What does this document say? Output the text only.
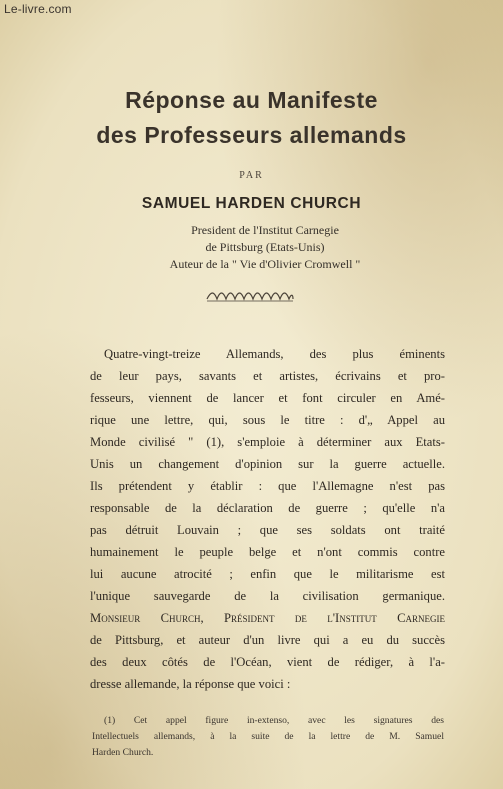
Le-livre.com
Réponse au Manifeste
des Professeurs allemands
PAR
SAMUEL HARDEN CHURCH
President de l'Institut Carnegie
de Pittsburg (Etats-Unis)
Auteur de la " Vie d'Olivier Cromwell "
Quatre-vingt-treize Allemands, des plus éminents
de leur pays, savants et artistes, écrivains et pro-
fesseurs, viennent de lancer et font circuler en Amé-
rique une lettre, qui, sous le titre : d'„ Appel au
Monde civilisé " (1), s'emploie à déterminer aux Etats-
Unis un changement d'opinion sur la guerre actuelle.
Ils prétendent y établir : que l'Allemagne n'est pas
responsable de la déclaration de guerre ; qu'elle n'a
pas détruit Louvain ; que ses soldats ont traité
humainement le peuple belge et n'ont commis contre
lui aucune atrocité ; enfin que le militarisme est
l'unique sauvegarde de la civilisation germanique.
Monsieur Church, Président de l'Institut Carnegie
de Pittsburg, et auteur d'un livre qui a eu du succès
des deux côtés de l'Océan, vient de rédiger, à l'a-
dresse allemande, la réponse que voici :
(1) Cet appel figure in-extenso, avec les signatures des
Intellectuels allemands, à la suite de la lettre de M. Samuel
Harden Church.
